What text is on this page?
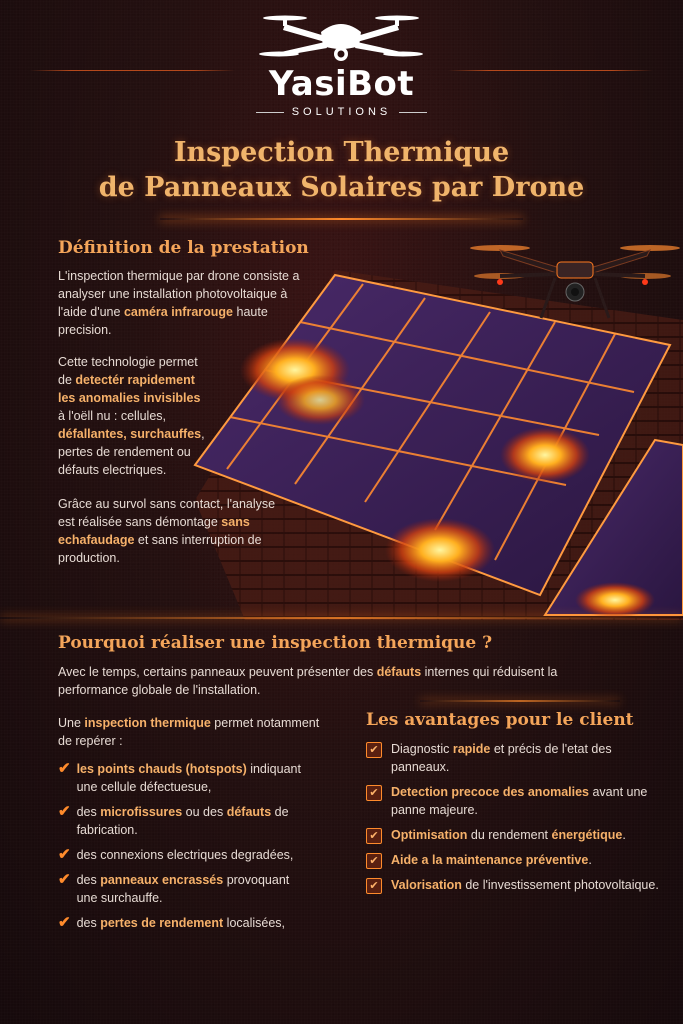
YasiBot
SOLUTIONS
Inspection Thermique
de Panneaux Solaires par Drone
Définition de la prestation
L'inspection thermique par drone consiste a analyser une installation photovoltaique à l'aide d'une caméra infrarouge haute precision.
Cette technologie permet de detectér rapidement les anomalies invisibles à l'oëll nu : cellules, défallantes, surchauffes, pertes de rendement ou défauts electriques.
Grâce au survol sans contact, l'analyse est réalisée sans démontage sans echafaudage et sans interruption de production.
Pourquoi réaliser une inspection thermique ?
Avec le temps, certains panneaux peuvent présenter des défauts internes qui réduisent la performance globale de l'installation.
Une inspection thermique permet notamment de repérer :
✔ les points chauds (hotspots) indiquant une cellule défectuesue,
✔ des microfissures ou des défauts de fabrication.
✔ des connexions electriques degradées,
✔ des panneaux encrassés provoquant une surchauffe.
✔ des pertes de rendement localisées,
Les avantages pour le client
✔ Diagnostic rapide et précis de l'etat des panneaux.
✔ Detection precoce des anomalies avant une panne majeure.
✔ Optimisation du rendement énergétique.
✔ Aide a la maintenance préventive.
✔ Valorisation de l'investissement photovoltaique.
